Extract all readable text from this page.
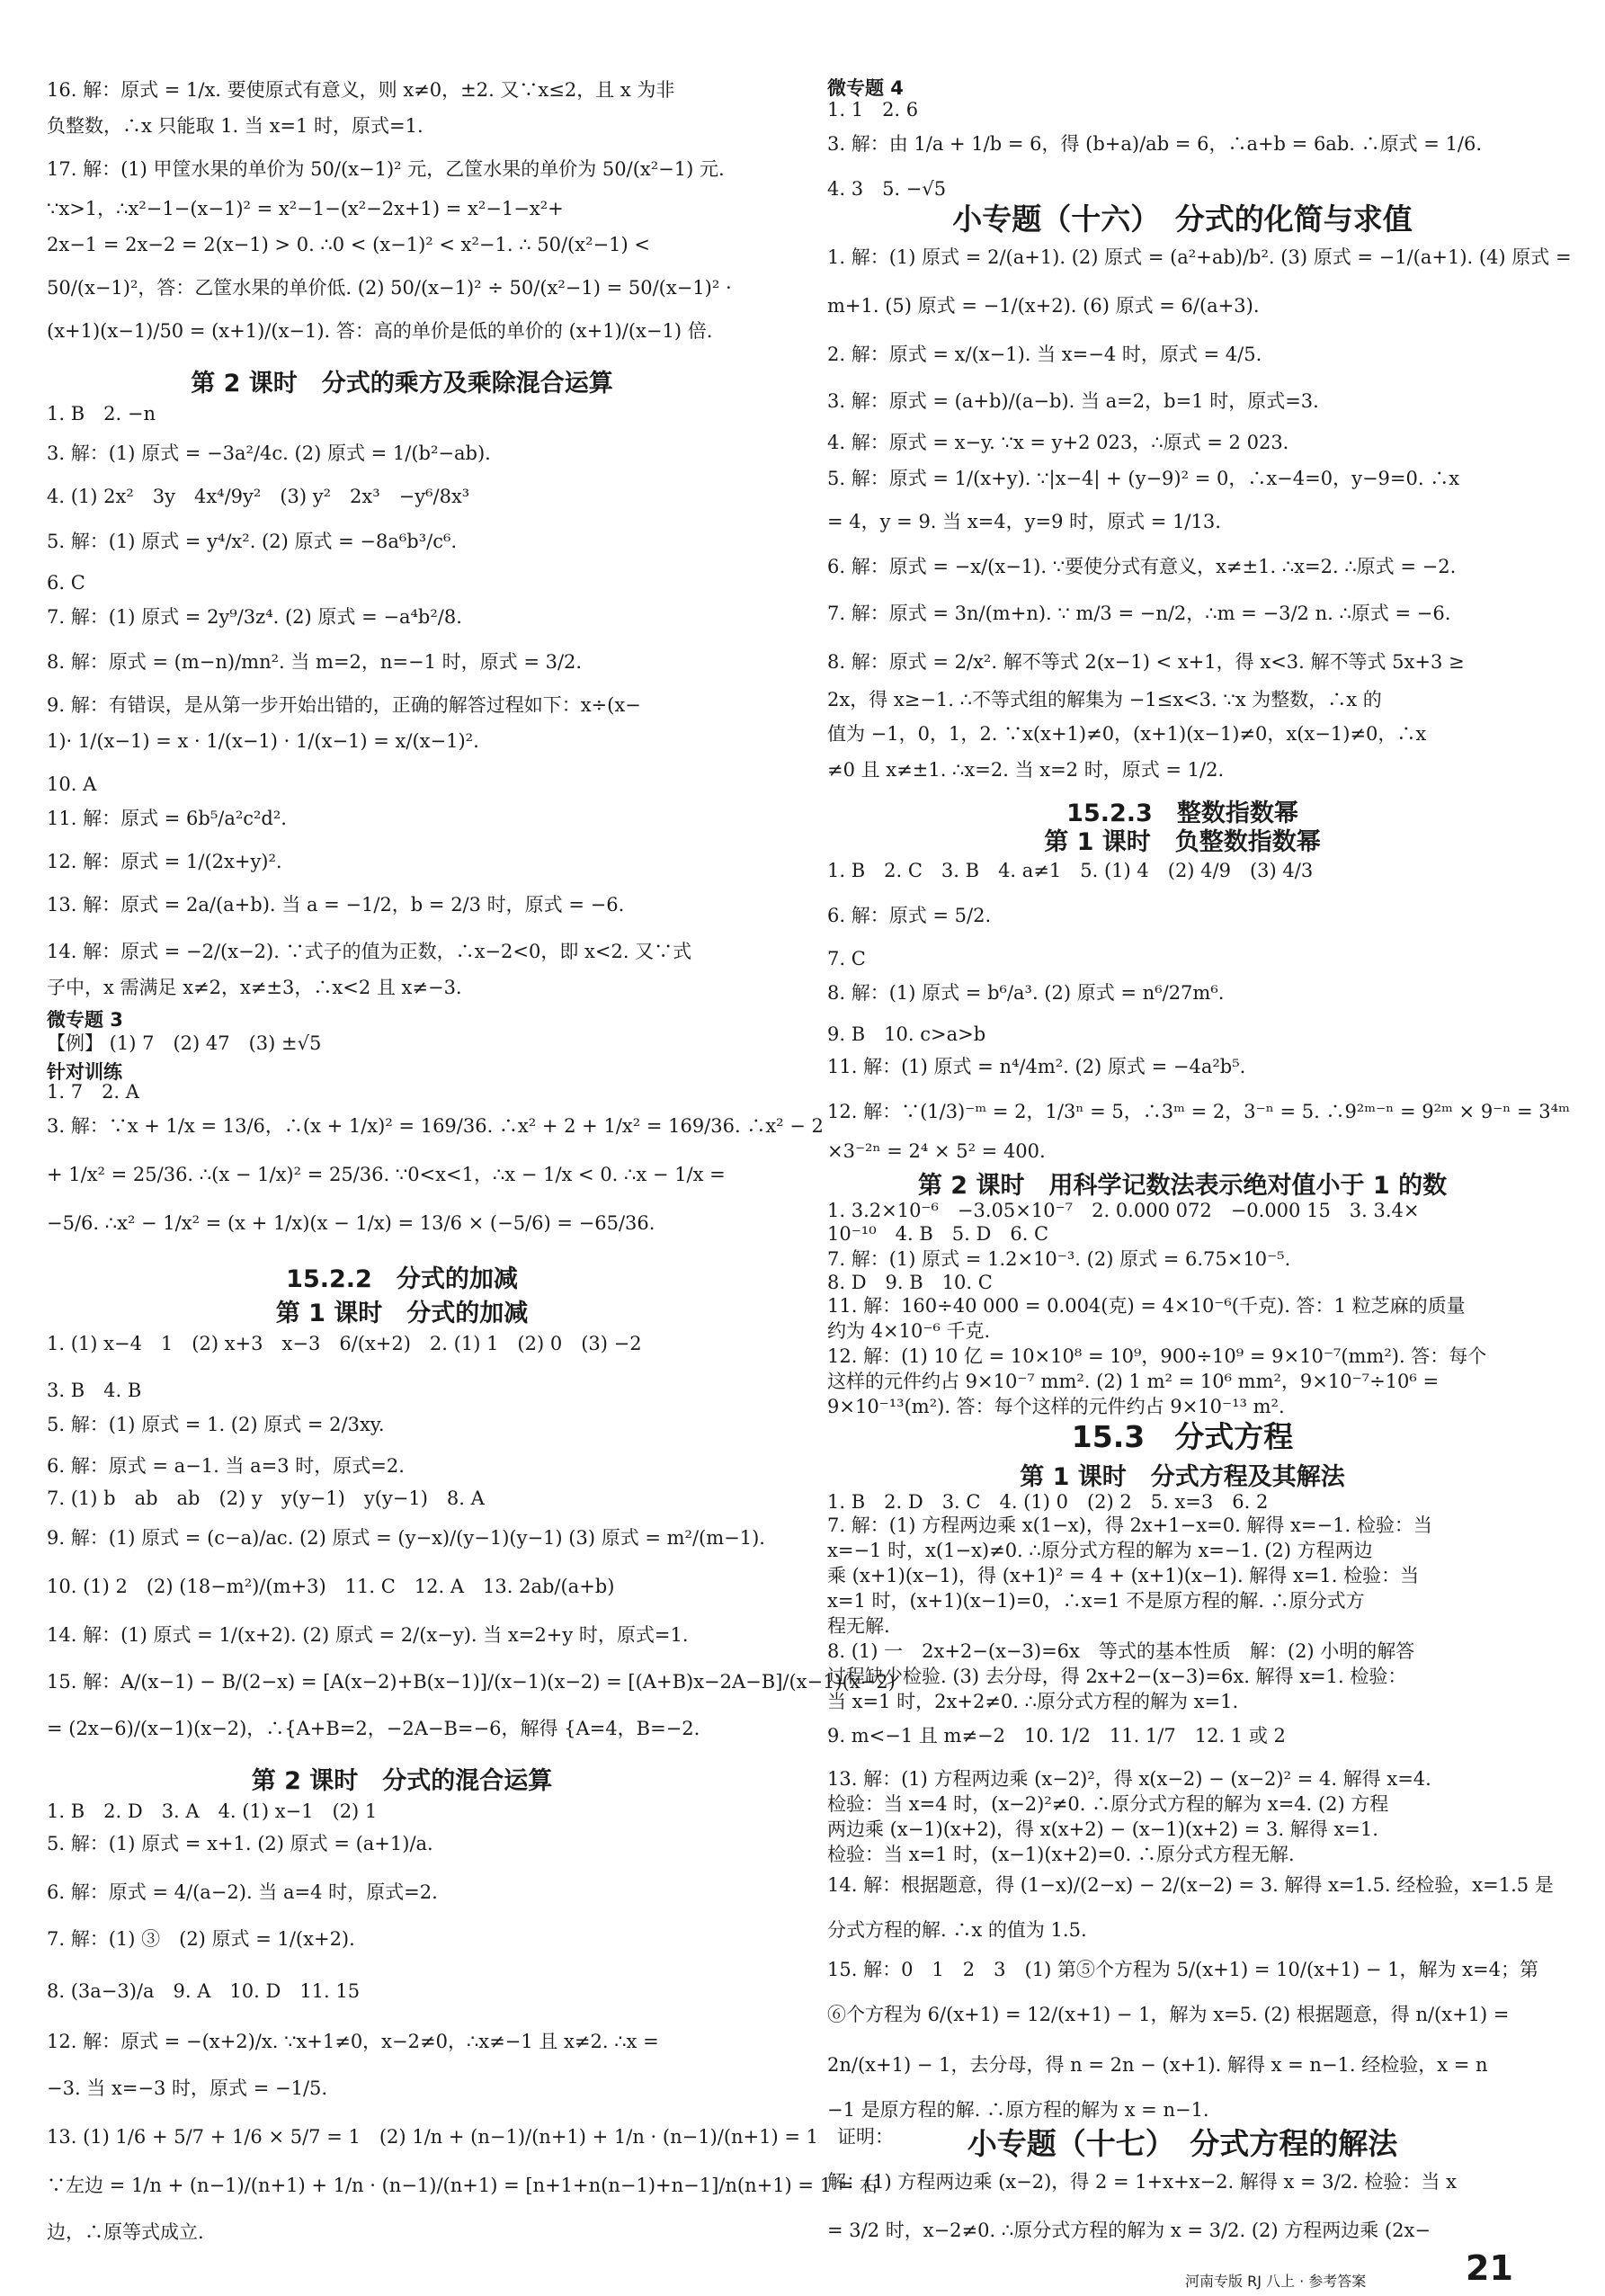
16. 解：原式 = 1/x. 要使原式有意义，则 x≠0，±2. 又∵x≤2，且 x 为非
负整数，∴x 只能取 1. 当 x=1 时，原式=1.
17. 解：(1) 甲筐水果的单价为 50/(x−1)² 元，乙筐水果的单价为 50/(x²−1) 元.
∵x>1，∴x²−1−(x−1)² = x²−1−(x²−2x+1) = x²−1−x²+
2x−1 = 2x−2 = 2(x−1) > 0. ∴0 < (x−1)² < x²−1. ∴ 50/(x²−1) <
50/(x−1)²，答：乙筐水果的单价低. (2) 50/(x−1)² ÷ 50/(x²−1) = 50/(x−1)² ·
(x+1)(x−1)/50 = (x+1)/(x−1). 答：高的单价是低的单价的 (x+1)/(x−1) 倍.
第 2 课时　分式的乘方及乘除混合运算
1. B　2. −n
3. 解：(1) 原式 = −3a²/4c. (2) 原式 = 1/(b²−ab).
4. (1) 2x²　3y　4x⁴/9y²　(3) y²　2x³　−y⁶/8x³
5. 解：(1) 原式 = y⁴/x². (2) 原式 = −8a⁶b³/c⁶.
6. C
7. 解：(1) 原式 = 2y⁹/3z⁴. (2) 原式 = −a⁴b²/8.
8. 解：原式 = (m−n)/mn². 当 m=2，n=−1 时，原式 = 3/2.
9. 解：有错误，是从第一步开始出错的，正确的解答过程如下：x÷(x−
1)· 1/(x−1) = x · 1/(x−1) · 1/(x−1) = x/(x−1)².
10. A
11. 解：原式 = 6b⁵/a²c²d².
12. 解：原式 = 1/(2x+y)².
13. 解：原式 = 2a/(a+b). 当 a = −1/2，b = 2/3 时，原式 = −6.
14. 解：原式 = −2/(x−2). ∵式子的值为正数，∴x−2<0，即 x<2. 又∵式
子中，x 需满足 x≠2，x≠±3，∴x<2 且 x≠−3.
微专题 3
【例】 (1) 7　(2) 47　(3) ±√5
针对训练
1. 7　2. A
3. 解：∵x + 1/x = 13/6，∴(x + 1/x)² = 169/36. ∴x² + 2 + 1/x² = 169/36. ∴x² − 2
+ 1/x² = 25/36. ∴(x − 1/x)² = 25/36. ∵0<x<1，∴x − 1/x < 0. ∴x − 1/x =
−5/6. ∴x² − 1/x² = (x + 1/x)(x − 1/x) = 13/6 × (−5/6) = −65/36.
15.2.2　分式的加减
第 1 课时　分式的加减
1. (1) x−4　1　(2) x+3　x−3　6/(x+2)　2. (1) 1　(2) 0　(3) −2
3. B　4. B
5. 解：(1) 原式 = 1. (2) 原式 = 2/3xy.
6. 解：原式 = a−1. 当 a=3 时，原式=2.
7. (1) b　ab　ab　(2) y　y(y−1)　y(y−1)　8. A
9. 解：(1) 原式 = (c−a)/ac. (2) 原式 = (y−x)/(y−1)(y−1) (3) 原式 = m²/(m−1).
10. (1) 2　(2) (18−m²)/(m+3)　11. C　12. A　13. 2ab/(a+b)
14. 解：(1) 原式 = 1/(x+2). (2) 原式 = 2/(x−y). 当 x=2+y 时，原式=1.
15. 解：A/(x−1) − B/(2−x) = [A(x−2)+B(x−1)]/(x−1)(x−2) = [(A+B)x−2A−B]/(x−1)(x−2)
= (2x−6)/(x−1)(x−2)，∴{A+B=2，−2A−B=−6，解得 {A=4，B=−2.
第 2 课时　分式的混合运算
1. B　2. D　3. A　4. (1) x−1　(2) 1
5. 解：(1) 原式 = x+1. (2) 原式 = (a+1)/a.
6. 解：原式 = 4/(a−2). 当 a=4 时，原式=2.
7. 解：(1) ③　(2) 原式 = 1/(x+2).
8. (3a−3)/a　9. A　10. D　11. 15
12. 解：原式 = −(x+2)/x. ∵x+1≠0，x−2≠0，∴x≠−1 且 x≠2. ∴x =
−3. 当 x=−3 时，原式 = −1/5.
13. (1) 1/6 + 5/7 + 1/6 × 5/7 = 1　(2) 1/n + (n−1)/(n+1) + 1/n · (n−1)/(n+1) = 1　证明：
∵左边 = 1/n + (n−1)/(n+1) + 1/n · (n−1)/(n+1) = [n+1+n(n−1)+n−1]/n(n+1) = 1 = 右
边，∴原等式成立.
微专题 4
1. 1　2. 6
3. 解：由 1/a + 1/b = 6，得 (b+a)/ab = 6，∴a+b = 6ab. ∴原式 = 1/6.
4. 3　5. −√5
小专题（十六）　分式的化简与求值
1. 解：(1) 原式 = 2/(a+1). (2) 原式 = (a²+ab)/b². (3) 原式 = −1/(a+1). (4) 原式 =
m+1. (5) 原式 = −1/(x+2). (6) 原式 = 6/(a+3).
2. 解：原式 = x/(x−1). 当 x=−4 时，原式 = 4/5.
3. 解：原式 = (a+b)/(a−b). 当 a=2，b=1 时，原式=3.
4. 解：原式 = x−y. ∵x = y+2 023，∴原式 = 2 023.
5. 解：原式 = 1/(x+y). ∵|x−4| + (y−9)² = 0，∴x−4=0，y−9=0. ∴x
= 4，y = 9. 当 x=4，y=9 时，原式 = 1/13.
6. 解：原式 = −x/(x−1). ∵要使分式有意义，x≠±1. ∴x=2. ∴原式 = −2.
7. 解：原式 = 3n/(m+n). ∵ m/3 = −n/2，∴m = −3/2 n. ∴原式 = −6.
8. 解：原式 = 2/x². 解不等式 2(x−1) < x+1，得 x<3. 解不等式 5x+3 ≥
2x，得 x≥−1. ∴不等式组的解集为 −1≤x<3. ∵x 为整数，∴x 的
值为 −1，0，1，2. ∵x(x+1)≠0，(x+1)(x−1)≠0，x(x−1)≠0，∴x
≠0 且 x≠±1. ∴x=2. 当 x=2 时，原式 = 1/2.
15.2.3　整数指数幂
第 1 课时　负整数指数幂
1. B　2. C　3. B　4. a≠1　5. (1) 4　(2) 4/9　(3) 4/3
6. 解：原式 = 5/2.
7. C
8. 解：(1) 原式 = b⁶/a³. (2) 原式 = n⁶/27m⁶.
9. B　10. c>a>b
11. 解：(1) 原式 = n⁴/4m². (2) 原式 = −4a²b⁵.
12. 解：∵(1/3)⁻ᵐ = 2，1/3ⁿ = 5，∴3ᵐ = 2，3⁻ⁿ = 5. ∴9²ᵐ⁻ⁿ = 9²ᵐ × 9⁻ⁿ = 3⁴ᵐ
×3⁻²ⁿ = 2⁴ × 5² = 400.
第 2 课时　用科学记数法表示绝对值小于 1 的数
1. 3.2×10⁻⁶　−3.05×10⁻⁷　2. 0.000 072　−0.000 15　3. 3.4×
10⁻¹⁰　4. B　5. D　6. C
7. 解：(1) 原式 = 1.2×10⁻³. (2) 原式 = 6.75×10⁻⁵.
8. D　9. B　10. C
11. 解：160÷40 000 = 0.004(克) = 4×10⁻⁶(千克). 答：1 粒芝麻的质量
约为 4×10⁻⁶ 千克.
12. 解：(1) 10 亿 = 10×10⁸ = 10⁹，900÷10⁹ = 9×10⁻⁷(mm²). 答：每个
这样的元件约占 9×10⁻⁷ mm². (2) 1 m² = 10⁶ mm²，9×10⁻⁷÷10⁶ =
9×10⁻¹³(m²). 答：每个这样的元件约占 9×10⁻¹³ m².
15.3　分式方程
第 1 课时　分式方程及其解法
1. B　2. D　3. C　4. (1) 0　(2) 2　5. x=3　6. 2
7. 解：(1) 方程两边乘 x(1−x)，得 2x+1−x=0. 解得 x=−1. 检验：当
x=−1 时，x(1−x)≠0. ∴原分式方程的解为 x=−1. (2) 方程两边
乘 (x+1)(x−1)，得 (x+1)² = 4 + (x+1)(x−1). 解得 x=1. 检验：当
x=1 时，(x+1)(x−1)=0，∴x=1 不是原方程的解. ∴原分式方
程无解.
8. (1) 一　2x+2−(x−3)=6x　等式的基本性质　解：(2) 小明的解答
过程缺少检验. (3) 去分母，得 2x+2−(x−3)=6x. 解得 x=1. 检验：
当 x=1 时，2x+2≠0. ∴原分式方程的解为 x=1.
9. m<−1 且 m≠−2　10. 1/2　11. 1/7　12. 1 或 2
13. 解：(1) 方程两边乘 (x−2)²，得 x(x−2) − (x−2)² = 4. 解得 x=4.
检验：当 x=4 时，(x−2)²≠0. ∴原分式方程的解为 x=4. (2) 方程
两边乘 (x−1)(x+2)，得 x(x+2) − (x−1)(x+2) = 3. 解得 x=1.
检验：当 x=1 时，(x−1)(x+2)=0. ∴原分式方程无解.
14. 解：根据题意，得 (1−x)/(2−x) − 2/(x−2) = 3. 解得 x=1.5. 经检验，x=1.5 是
分式方程的解. ∴x 的值为 1.5.
15. 解：0　1　2　3　(1) 第⑤个方程为 5/(x+1) = 10/(x+1) − 1，解为 x=4；第
⑥个方程为 6/(x+1) = 12/(x+1) − 1，解为 x=5. (2) 根据题意，得 n/(x+1) =
2n/(x+1) − 1，去分母，得 n = 2n − (x+1). 解得 x = n−1. 经检验，x = n
−1 是原方程的解. ∴原方程的解为 x = n−1.
小专题（十七）　分式方程的解法
解：(1) 方程两边乘 (x−2)，得 2 = 1+x+x−2. 解得 x = 3/2. 检验：当 x
= 3/2 时，x−2≠0. ∴原分式方程的解为 x = 3/2. (2) 方程两边乘 (2x−
河南专版 RJ 八上 · 参考答案	21
